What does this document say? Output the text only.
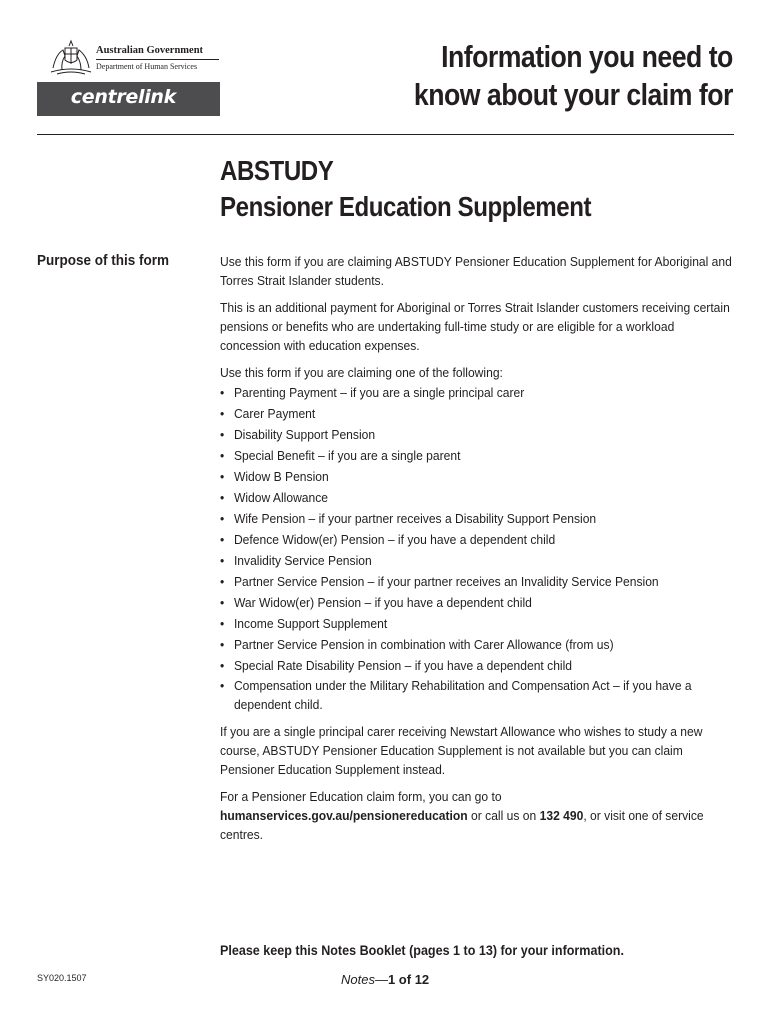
Australian Government
Department of Human Services
centrelink
Information you need to
know about your claim for
ABSTUDY
Pensioner Education Supplement
Purpose of this form	Use this form if you are claiming ABSTUDY Pensioner Education Supplement for Aboriginal and Torres Strait Islander students.

This is an additional payment for Aboriginal or Torres Strait Islander customers receiving certain pensions or benefits who are undertaking full-time study or are eligible for a workload concession with education expenses.

Use this form if you are claiming one of the following:

• Parenting Payment – if you are a single principal carer
• Carer Payment
• Disability Support Pension
• Special Benefit – if you are a single parent
• Widow B Pension
• Widow Allowance
• Wife Pension – if your partner receives a Disability Support Pension
• Defence Widow(er) Pension – if you have a dependent child
• Invalidity Service Pension
• Partner Service Pension – if your partner receives an Invalidity Service Pension
• War Widow(er) Pension – if you have a dependent child
• Income Support Supplement
• Partner Service Pension in combination with Carer Allowance (from us)
• Special Rate Disability Pension – if you have a dependent child
• Compensation under the Military Rehabilitation and Compensation Act – if you have a dependent child.

If you are a single principal carer receiving Newstart Allowance who wishes to study a new course, ABSTUDY Pensioner Education Supplement is not available but you can claim Pensioner Education Supplement instead.

For a Pensioner Education claim form, you can go to
humanservices.gov.au/pensionereducation or call us on 132 490, or visit one of service centres.

Please keep this Notes Booklet (pages 1 to 13) for your information.
SY020.1507	Notes—1 of 12
